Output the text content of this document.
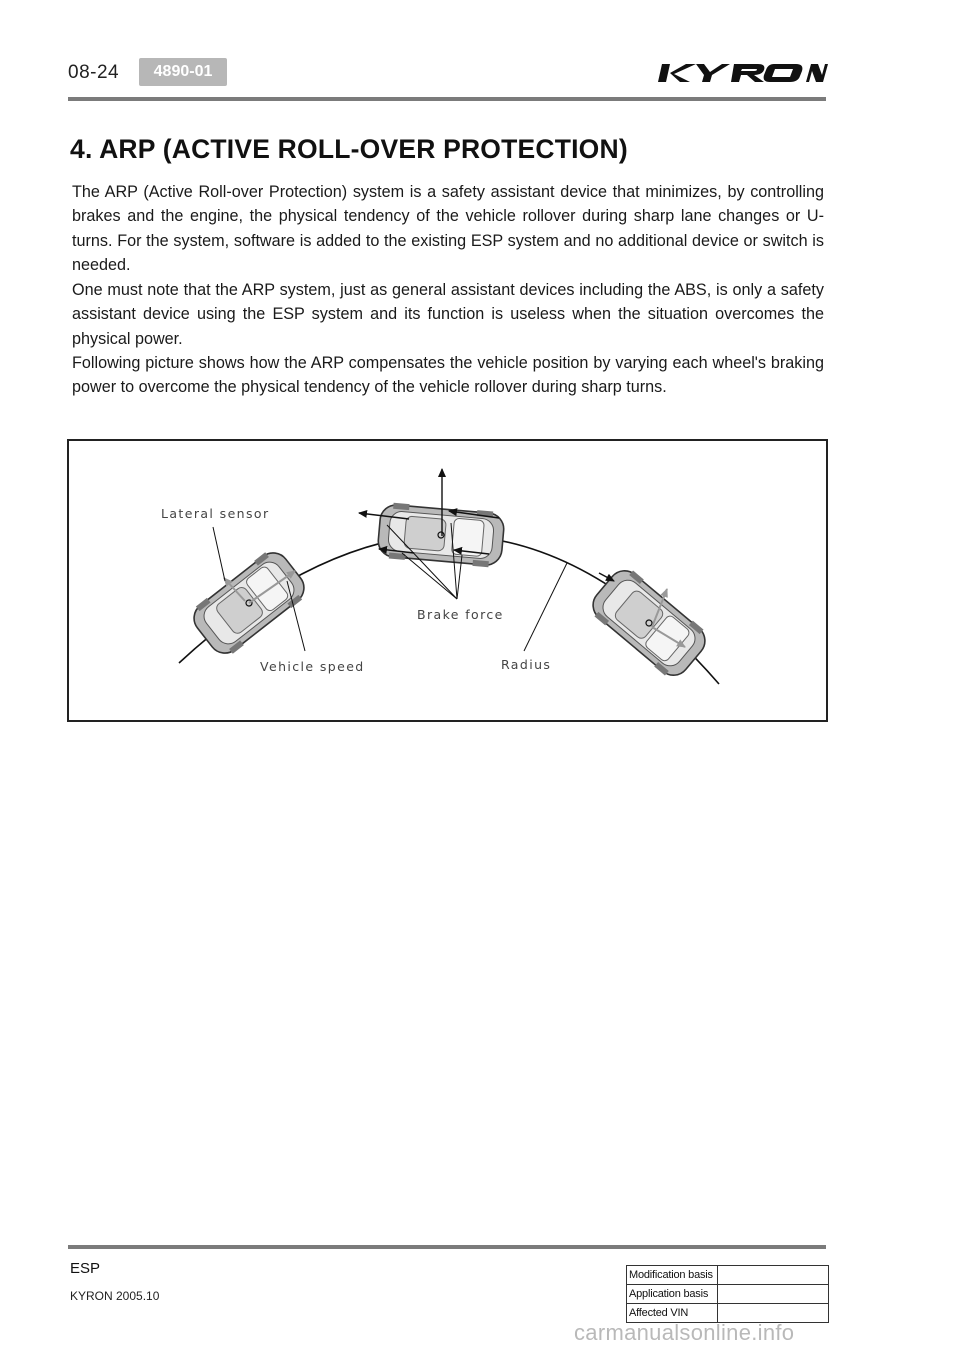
08-24	4890-01
4. ARP (ACTIVE ROLL-OVER PROTECTION)
The ARP (Active Roll-over Protection) system is a safety assistant device that minimizes, by controlling brakes and the engine, the physical tendency of the vehicle rollover during sharp lane changes or U-turns. For the system, software is added to the existing ESP system and no additional device or switch is needed.
One must note that the ARP system, just as general assistant devices including the ABS, is only a safety assistant device using the ESP system and its function is useless when the situation overcomes the physical power.
Following picture shows how the ARP compensates the vehicle position by varying each wheel's braking power to overcome the physical tendency of the vehicle rollover during sharp turns.
Lateral sensor
Brake force
Vehicle speed	Radius
ESP
KYRON 2005.10
Modification basis	
Application basis	
Affected VIN	
carmanualsonline.info
